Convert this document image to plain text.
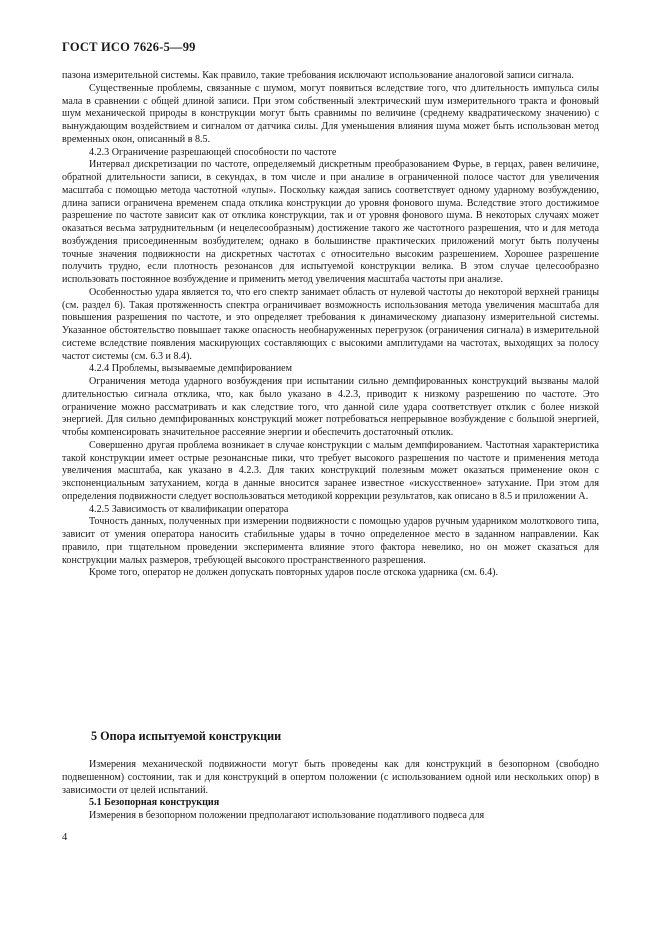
ГОСТ ИСО 7626-5—99

пазона измерительной системы. Как правило, такие требования исключают использование аналоговой записи сигнала.

Существенные проблемы, связанные с шумом, могут появиться вследствие того, что длительность импульса силы мала в сравнении с общей длиной записи. При этом собственный электрический шум измерительного тракта и фоновый шум механической природы в конструкции могут быть сравнимы по величине (среднему квадратическому значению) с вынуждающим воздействием и сигналом от датчика силы. Для уменьшения влияния шума может быть использован метод временных окон, описанный в 8.5.

4.2.3 Ограничение разрешающей способности по частоте

Интервал дискретизации по частоте, определяемый дискретным преобразованием Фурье, в герцах, равен величине, обратной длительности записи, в секундах, в том числе и при анализе в ограниченной полосе частот для увеличения масштаба с помощью метода частотной «лупы». Поскольку каждая запись соответствует одному ударному возбуждению, длина записи ограничена временем спада отклика конструкции до уровня фонового шума. Вследствие этого достижимое разрешение по частоте зависит как от отклика конструкции, так и от уровня фонового шума. В некоторых случаях может оказаться весьма затруднительным (и нецелесообразным) достижение такого же частотного разрешения, что и для метода возбуждения присоединенным возбудителем; однако в большинстве практических приложений могут быть получены точные значения подвижности на дискретных частотах с относительно высоким разрешением. Хорошее разрешение получить трудно, если плотность резонансов для испытуемой конструкции велика. В этом случае целесообразно использовать постоянное возбуждение и применить метод увеличения масштаба частоты при анализе.

Особенностью удара является то, что его спектр занимает область от нулевой частоты до некоторой верхней границы (см. раздел 6). Такая протяженность спектра ограничивает возможность использования метода увеличения масштаба для повышения разрешения по частоте, и это определяет требования к динамическому диапазону измерительной системы. Указанное обстоятельство повышает также опасность необнаруженных перегрузок (ограничения сигнала) в измерительной системе вследствие появления маскирующих составляющих с высокими амплитудами на частотах, выходящих за полосу частот системы (см. 6.3 и 8.4).

4.2.4 Проблемы, вызываемые демпфированием

Ограничения метода ударного возбуждения при испытании сильно демпфированных конструкций вызваны малой длительностью сигнала отклика, что, как было указано в 4.2.3, приводит к низкому разрешению по частоте. Это ограничение можно рассматривать и как следствие того, что данной силе удара соответствует отклик с более низкой энергией. Для сильно демпфированных конструкций может потребоваться непрерывное возбуждение с большой энергией, чтобы компенсировать значительное рассеяние энергии и обеспечить достаточный отклик.

Совершенно другая проблема возникает в случае конструкции с малым демпфированием. Частотная характеристика такой конструкции имеет острые резонансные пики, что требует высокого разрешения по частоте и применения метода увеличения масштаба, как указано в 4.2.3. Для таких конструкций полезным может оказаться применение окон с экспоненциальным затуханием, когда в данные вносится заранее известное «искусственное» затухание. При этом для определения подвижности следует воспользоваться методикой коррекции результатов, как описано в 8.5 и приложении А.

4.2.5 Зависимость от квалификации оператора

Точность данных, полученных при измерении подвижности с помощью ударов ручным ударником молоткового типа, зависит от умения оператора наносить стабильные удары в точно определенное место в заданном направлении. Как правило, при тщательном проведении эксперимента влияние этого фактора невелико, но он может сказаться для конструкции малых размеров, требующей высокого пространственного разрешения.

Кроме того, оператор не должен допускать повторных ударов после отскока ударника (см. 6.4).

5 Опора испытуемой конструкции

Измерения механической подвижности могут быть проведены как для конструкций в безопорном (свободно подвешенном) состоянии, так и для конструкций в опертом положении (с использованием одной или нескольких опор) в зависимости от целей испытаний.

5.1 Безопорная конструкция

Измерения в безопорном положении предполагают использование податливого подвеса для

4
